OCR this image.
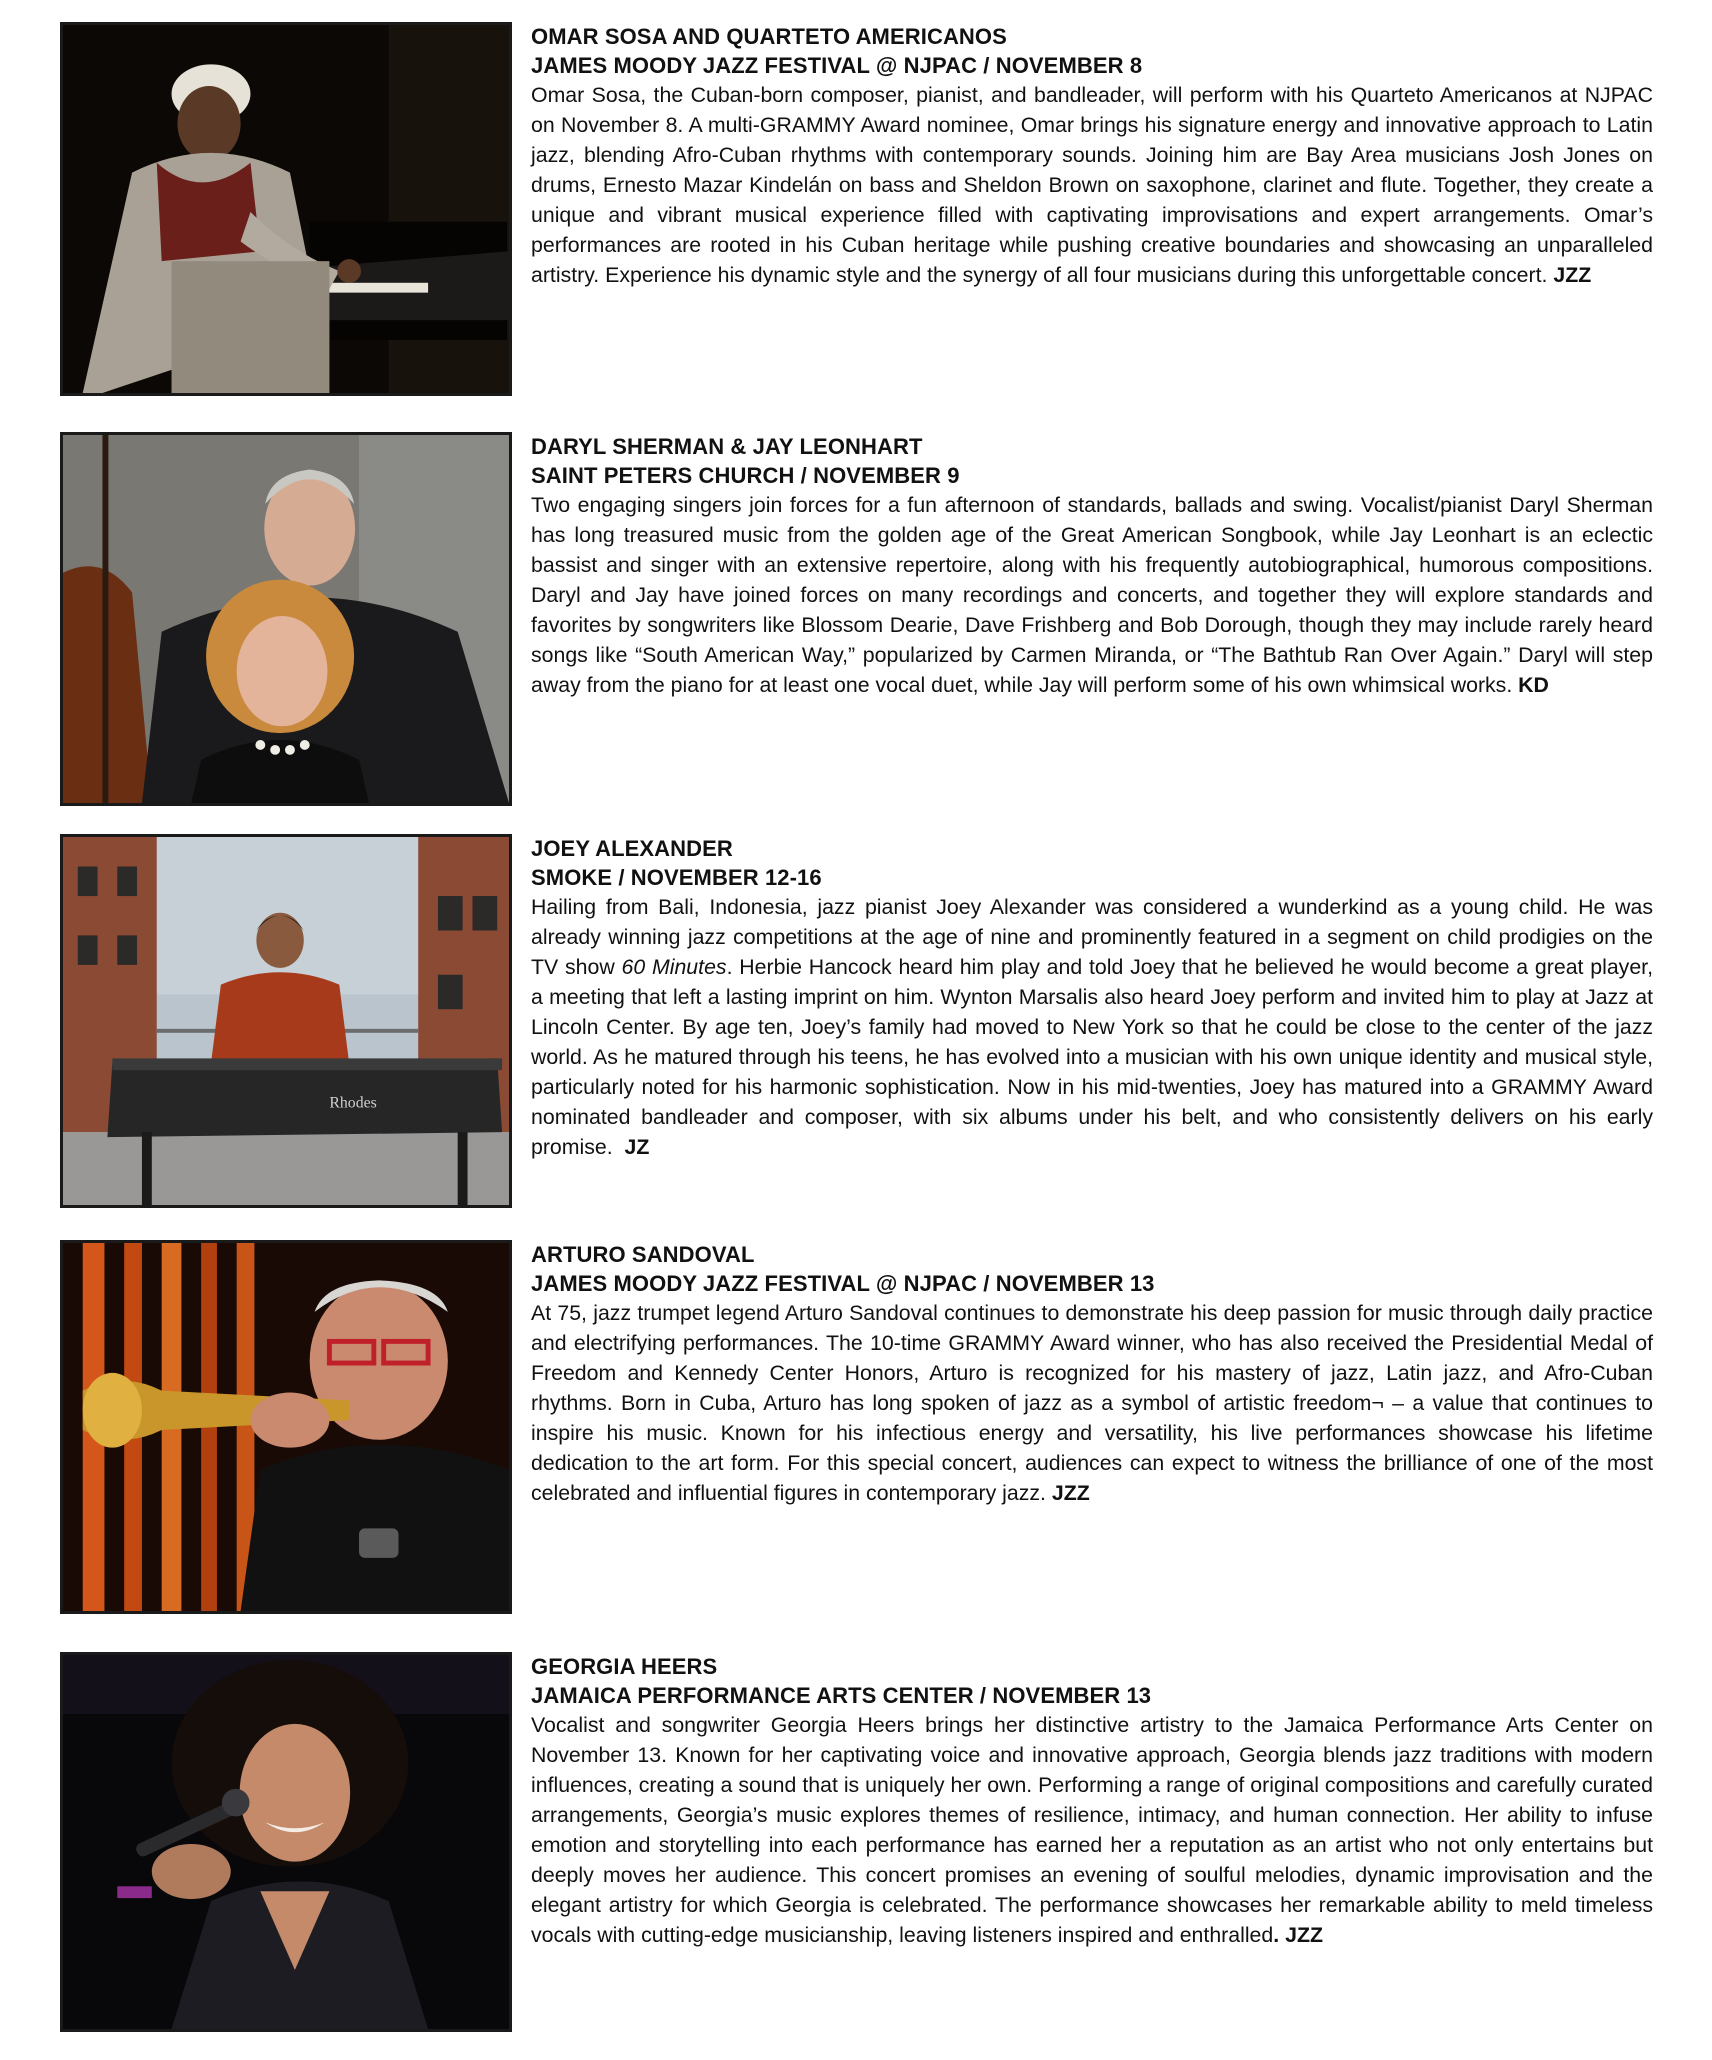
OMAR SOSA AND QUARTETO AMERICANOS

JAMES MOODY JAZZ FESTIVAL @ NJPAC / NOVEMBER 8

Omar Sosa, the Cuban-born composer, pianist, and bandleader, will perform with his Quarteto Americanos at NJPAC on November 8. A multi-GRAMMY Award nominee, Omar brings his signature energy and innovative approach to Latin jazz, blending Afro-Cuban rhythms with contemporary sounds. Joining him are Bay Area musicians Josh Jones on drums, Ernesto Mazar Kindelán on bass and Sheldon Brown on saxophone, clarinet and flute. Together, they create a unique and vibrant musical experience filled with captivating improvisations and expert arrangements. Omar’s performances are rooted in his Cuban heritage while pushing creative boundaries and showcasing an unparalleled artistry. Experience his dynamic style and the synergy of all four musicians during this unforgettable concert. JZZ

DARYL SHERMAN & JAY LEONHART

SAINT PETERS CHURCH / NOVEMBER 9

Two engaging singers join forces for a fun afternoon of standards, ballads and swing. Vocalist/pianist Daryl Sherman has long treasured music from the golden age of the Great American Songbook, while Jay Leonhart is an eclectic bassist and singer with an extensive repertoire, along with his frequently autobiographical, humorous compositions. Daryl and Jay have joined forces on many recordings and concerts, and together they will explore standards and favorites by songwriters like Blossom Dearie, Dave Frishberg and Bob Dorough, though they may include rarely heard songs like “South American Way,” popularized by Carmen Miranda, or “The Bathtub Ran Over Again.” Daryl will step away from the piano for at least one vocal duet, while Jay will perform some of his own whimsical works. KD

Rhodes

JOEY ALEXANDER

SMOKE / NOVEMBER 12-16

Hailing from Bali, Indonesia, jazz pianist Joey Alexander was considered a wunderkind as a young child. He was already winning jazz competitions at the age of nine and prominently featured in a segment on child prodigies on the TV show 60 Minutes. Herbie Hancock heard him play and told Joey that he believed he would become a great player, a meeting that left a lasting imprint on him. Wynton Marsalis also heard Joey perform and invited him to play at Jazz at Lincoln Center. By age ten, Joey’s family had moved to New York so that he could be close to the center of the jazz world. As he matured through his teens, he has evolved into a musician with his own unique identity and musical style, particularly noted for his harmonic sophistication. Now in his mid-twenties, Joey has matured into a GRAMMY Award nominated bandleader and composer, with six albums under his belt, and who consistently delivers on his early promise. JZ

ARTURO SANDOVAL

JAMES MOODY JAZZ FESTIVAL @ NJPAC / NOVEMBER 13

At 75, jazz trumpet legend Arturo Sandoval continues to demonstrate his deep passion for music through daily practice and electrifying performances. The 10-time GRAMMY Award winner, who has also received the Presidential Medal of Freedom and Kennedy Center Honors, Arturo is recognized for his mastery of jazz, Latin jazz, and Afro-Cuban rhythms. Born in Cuba, Arturo has long spoken of jazz as a symbol of artistic freedom¬ – a value that continues to inspire his music. Known for his infectious energy and versatility, his live performances showcase his lifetime dedication to the art form. For this special concert, audiences can expect to witness the brilliance of one of the most celebrated and influential figures in contemporary jazz. JZZ

GEORGIA HEERS

JAMAICA PERFORMANCE ARTS CENTER / NOVEMBER 13

Vocalist and songwriter Georgia Heers brings her distinctive artistry to the Jamaica Performance Arts Center on November 13. Known for her captivating voice and innovative approach, Georgia blends jazz traditions with modern influences, creating a sound that is uniquely her own. Performing a range of original compositions and carefully curated arrangements, Georgia’s music explores themes of resilience, intimacy, and human connection. Her ability to infuse emotion and storytelling into each performance has earned her a reputation as an artist who not only entertains but deeply moves her audience. This concert promises an evening of soulful melodies, dynamic improvisation and the elegant artistry for which Georgia is celebrated. The performance showcases her remarkable ability to meld timeless vocals with cutting-edge musicianship, leaving listeners inspired and enthralled. JZZ
